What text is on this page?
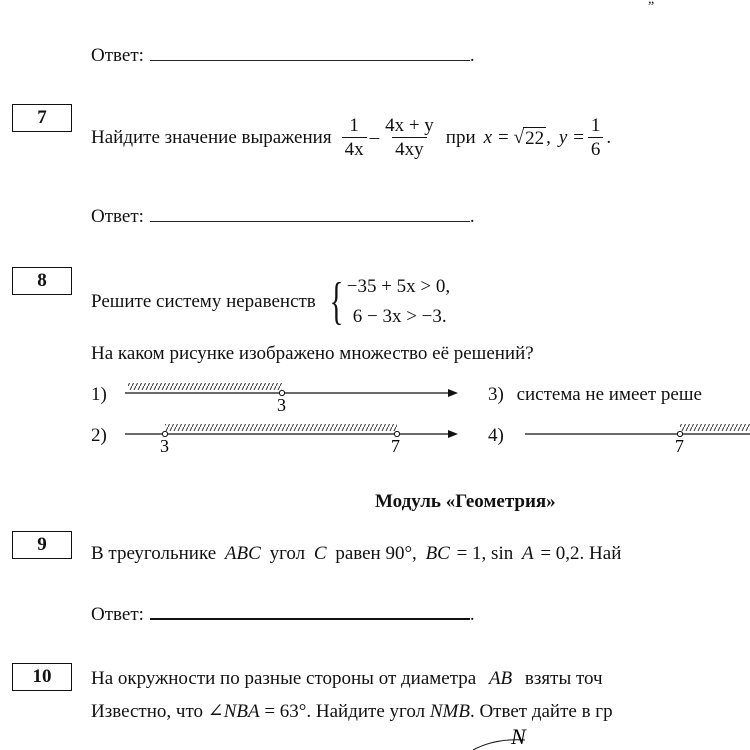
Ответ:	.
7
Найдите значение выражения $\frac{1}{4x} - \frac{4x + y}{4xy}$ при x = √ 22 , $y = \frac{1}{6}$ .
Ответ:	.
8
Решите систему неравенств { −35 + 5x > 0,
6 − 3x > −3.
На каком рисунке изображено множество её решений?
1)	3	3) система не имеет реше
2)	3	7	4)	7
Модуль «Геометрия»
9	В треугольнике ABC угол C равен 90°, BC = 1, sin A = 0,2. Най
Ответ:	.
10	На окружности по разные стороны от диаметра AB взяты точ
Известно, что ∠NBA = 63°. Найдите угол NMB. Ответ дайте в гр
N
